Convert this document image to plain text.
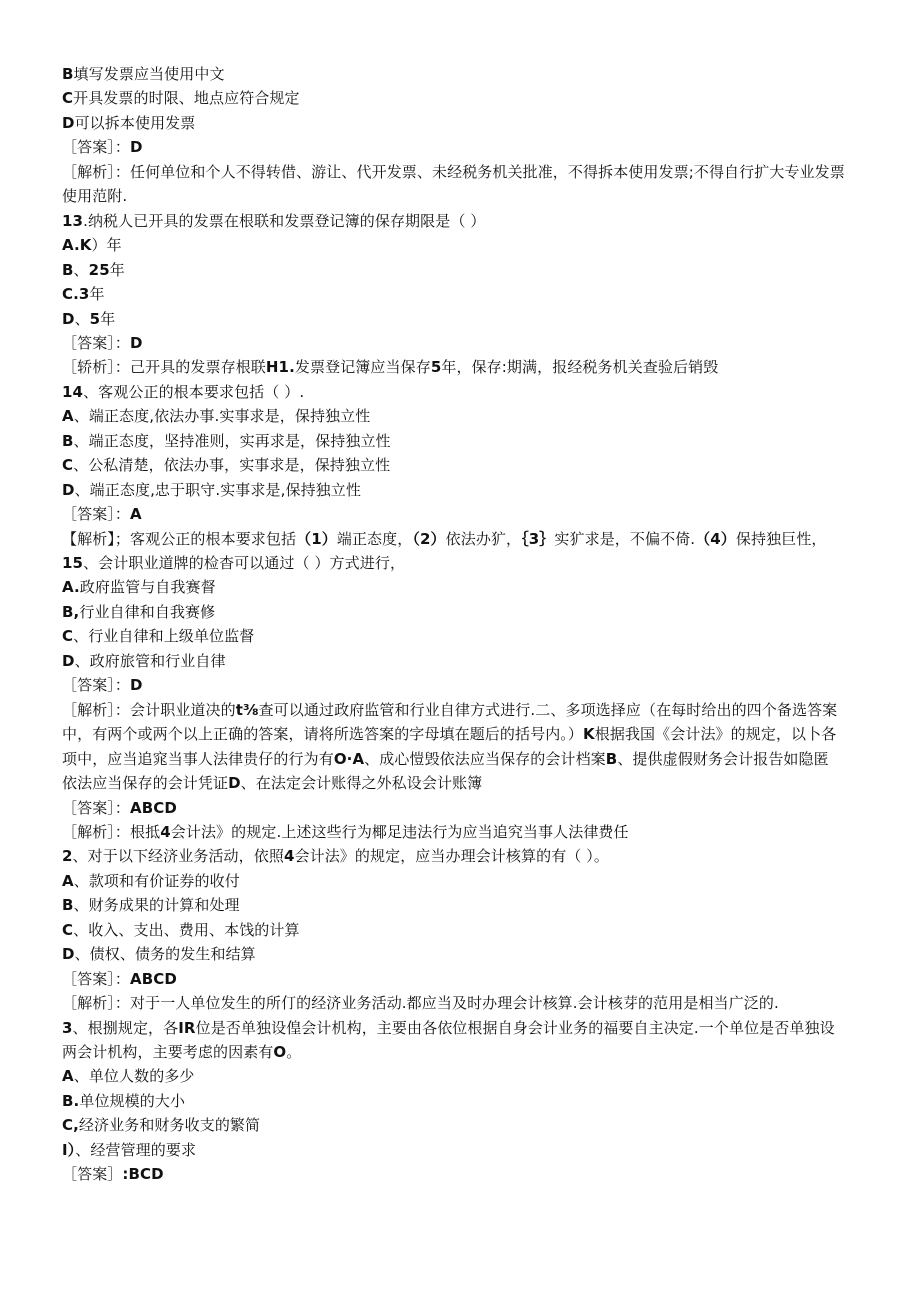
B填写发票应当使用中文
C开具发票的时限、地点应符合规定
D可以拆本使用发票
［答案］：D
［解析］：任何单位和个人不得转借、游让、代开发票、未经税务机关批准，不得拆本使用发票;不得自行扩大专业发票
使用范附.
13.纳税人已开具的发票在根联和发票登记簿的保存期限是（ ）
A.K）年
B、25年
C.3年
D、5年
［答案］：D
［轿析］：己开具的发票存根联H1.发票登记簿应当保存5年，保存:期满，报经税务机关查验后销毁
14、客观公正的根本要求包括（ ）.
A、端正态度,依法办事.实事求是，保持独立性
B、端正态度，坚持准则，实再求是，保持独立性
C、公私清楚，依法办事，实事求是，保持独立性
D、端正态度,忠于职守.实事求是,保持独立性
［答案］：A
【解析】；客观公正的根本要求包括（1）端正态度，（2）依法办犷，｛3｝实犷求是，不偏不倚.（4）保持独巨性，
15、会计职业道牌的检杳可以通过（ ）方式进行，
A.政府监管与自我赛督
B,行业自律和自我赛修
C、行业自律和上级单位监督
D、政府旅管和行业自律
［答案］：D
［解析］：会计职业道决的t⅜查可以通过政府监管和行业自律方式进行.二、多项选择应（在每时给出的四个备选答案
中，有两个或两个以上正确的答案，请将所选答案的字母填在题后的括号内。）K根据我国《会计法》的规定，以卜各
项中，应当追窕当事人法律贵仔的行为有O·A、成心愷毁依法应当保存的会计档案B、提供虚假财务会计报告如隐匿
依法应当保存的会计凭证D、在法定会计账得之外私设会计账簿
［答案］：ABCD
［解析］：根抵4会计法》的规定.上述这些行为椰足违法行为应当追究当事人法律费任
2、对于以下经济业务活动，依照4会计法》的规定，应当办理会计核算的有（ ）。
A、款项和有价证券的收付
B、财务成果的计算和处理
C、收入、支出、费用、本饯的计算
D、债权、债务的发生和结算
［答案］：ABCD
［解析］：对于一人单位发生的所仃的经济业务活动.都应当及时办理会计核算.会计核芽的范用是相当广泛的.
3、根捌规定，各IR位是否单独设偟会计机构，主要由各依位根据自身会计业务的福要自主决定.一个单位是否单独设
两会计机构，主要考虑的因素有O。
A、单位人数的多少
B.单位规模的大小
C,经济业务和财务收支的繁简
I）、经营管理的要求
［答案］:BCD
